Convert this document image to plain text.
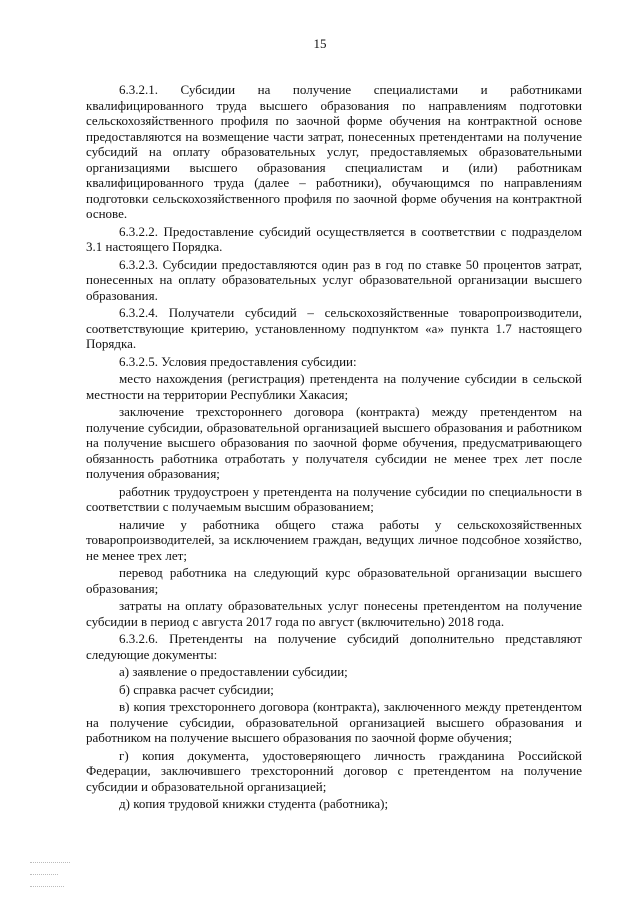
15

6.3.2.1. Субсидии на получение специалистами и работниками квалифицированного труда высшего образования по направлениям подготовки сельскохозяйственного профиля по заочной форме обучения на контрактной основе предоставляются на возмещение части затрат, понесенных претендентами на получение субсидий на оплату образовательных услуг, предоставляемых образовательными организациями высшего образования специалистам и (или) работникам квалифицированного труда (далее – работники), обучающимся по направлениям подготовки сельскохозяйственного профиля по заочной форме обучения на контрактной основе.

6.3.2.2. Предоставление субсидий осуществляется в соответствии с подразделом 3.1 настоящего Порядка.

6.3.2.3. Субсидии предоставляются один раз в год по ставке 50 процентов затрат, понесенных на оплату образовательных услуг образовательной организации высшего образования.

6.3.2.4. Получатели субсидий – сельскохозяйственные товаропроизводители, соответствующие критерию, установленному подпунктом «а» пункта 1.7 настоящего Порядка.

6.3.2.5. Условия предоставления субсидии:

место нахождения (регистрация) претендента на получение субсидии в сельской местности на территории Республики Хакасия;

заключение трехстороннего договора (контракта) между претендентом на получение субсидии, образовательной организацией высшего образования и работником на получение высшего образования по заочной форме обучения, предусматривающего обязанность работника отработать у получателя субсидии не менее трех лет после получения образования;

работник трудоустроен у претендента на получение субсидии по специальности в соответствии с получаемым высшим образованием;

наличие у работника общего стажа работы у сельскохозяйственных товаропроизводителей, за исключением граждан, ведущих личное подсобное хозяйство, не менее трех лет;

перевод работника на следующий курс образовательной организации высшего образования;

затраты на оплату образовательных услуг понесены претендентом на получение субсидии в период с августа 2017 года по август (включительно) 2018 года.

6.3.2.6. Претенденты на получение субсидий дополнительно представляют следующие документы:

а) заявление о предоставлении субсидии;

б) справка расчет субсидии;

в) копия трехстороннего договора (контракта), заключенного между претендентом на получение субсидии, образовательной организацией высшего образования и работником на получение высшего образования по заочной форме обучения;

г) копия документа, удостоверяющего личность гражданина Российской Федерации, заключившего трехсторонний договор с претендентом на получение субсидии и образовательной организацией;

д) копия трудовой книжки студента (работника);
